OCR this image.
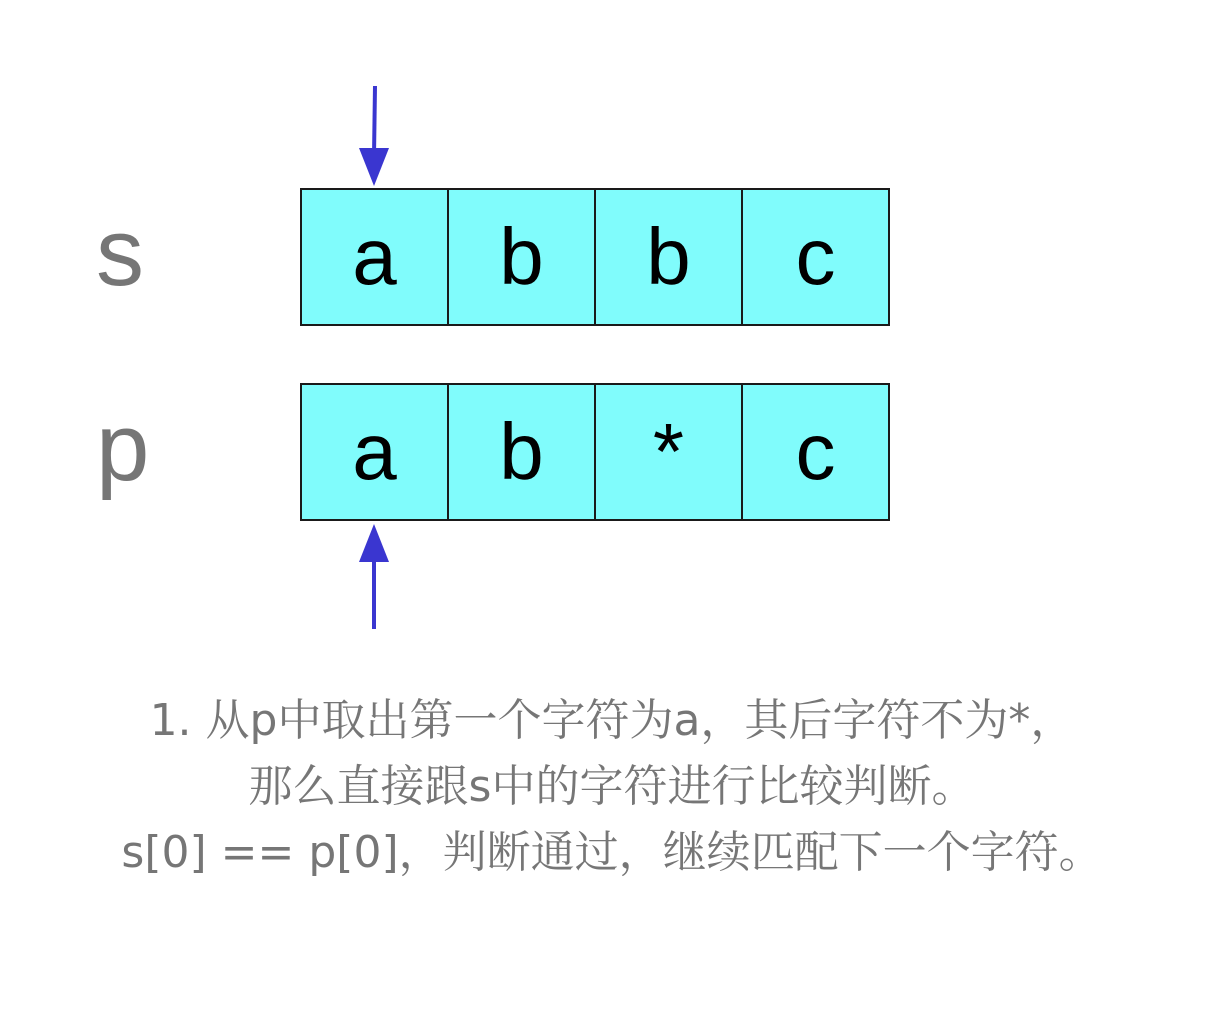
s
p
a	b	b	c
a	b	*	c
1. 从p中取出第一个字符为a，其后字符不为*，
那么直接跟s中的字符进行比较判断。
s[0] == p[0]，判断通过，继续匹配下一个字符。
